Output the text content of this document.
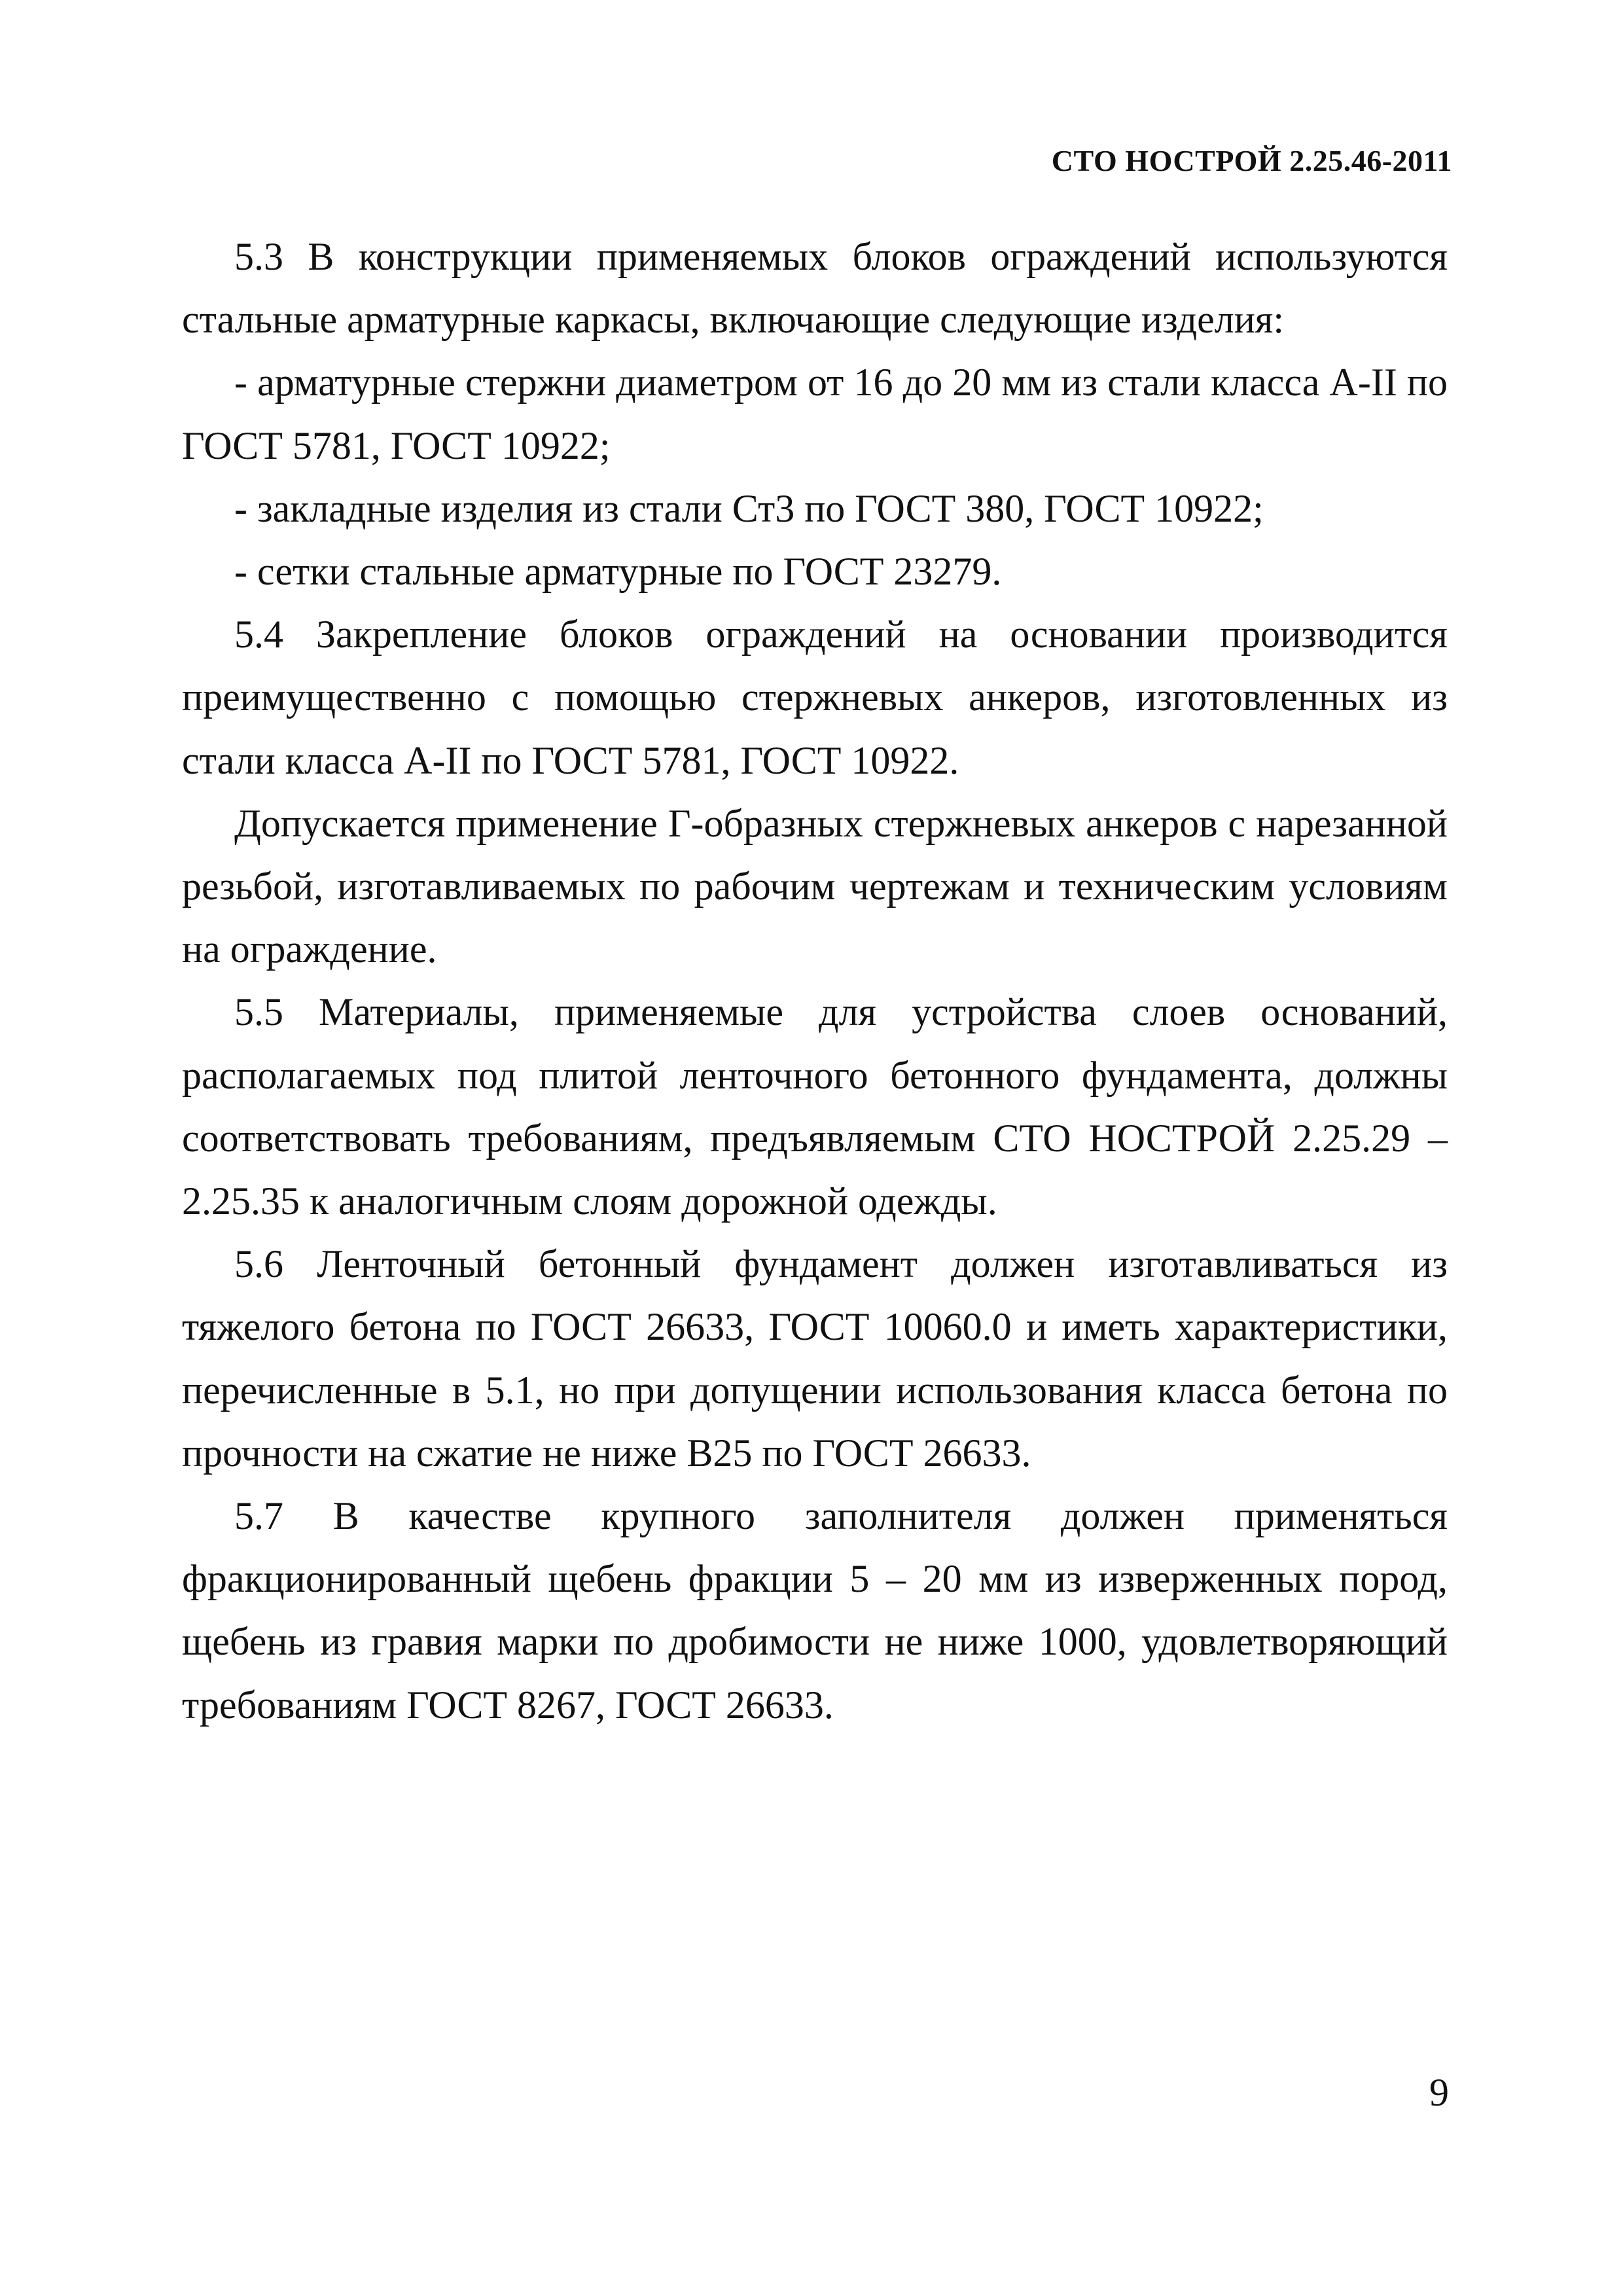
СТО НОСТРОЙ 2.25.46-2011

5.3 В конструкции применяемых блоков ограждений используются стальные арматурные каркасы, включающие следующие изделия:

- арматурные стержни диаметром от 16 до 20 мм из стали класса А-II по ГОСТ 5781, ГОСТ 10922;

- закладные изделия из стали Ст3 по ГОСТ 380, ГОСТ 10922;

- сетки стальные арматурные по ГОСТ 23279.

5.4 Закрепление блоков ограждений на основании производится преимущественно с помощью стержневых анкеров, изготовленных из стали класса А-II по ГОСТ 5781, ГОСТ 10922.

Допускается применение Г-образных стержневых анкеров с нарезанной резьбой, изготавливаемых по рабочим чертежам и техническим условиям на ограждение.

5.5 Материалы, применяемые для устройства слоев оснований, располагаемых под плитой ленточного бетонного фундамента, должны соответствовать требованиям, предъявляемым СТО НОСТРОЙ 2.25.29 – 2.25.35 к аналогичным слоям дорожной одежды.

5.6 Ленточный бетонный фундамент должен изготавливаться из тяжелого бетона по ГОСТ 26633, ГОСТ 10060.0 и иметь характеристики, перечисленные в 5.1, но при допущении использования класса бетона по прочности на сжатие не ниже В25 по ГОСТ 26633.

5.7 В качестве крупного заполнителя должен применяться фракционированный щебень фракции 5 – 20 мм из изверженных пород, щебень из гравия марки по дробимости не ниже 1000, удовлетворяющий требованиям ГОСТ 8267, ГОСТ 26633.

9
